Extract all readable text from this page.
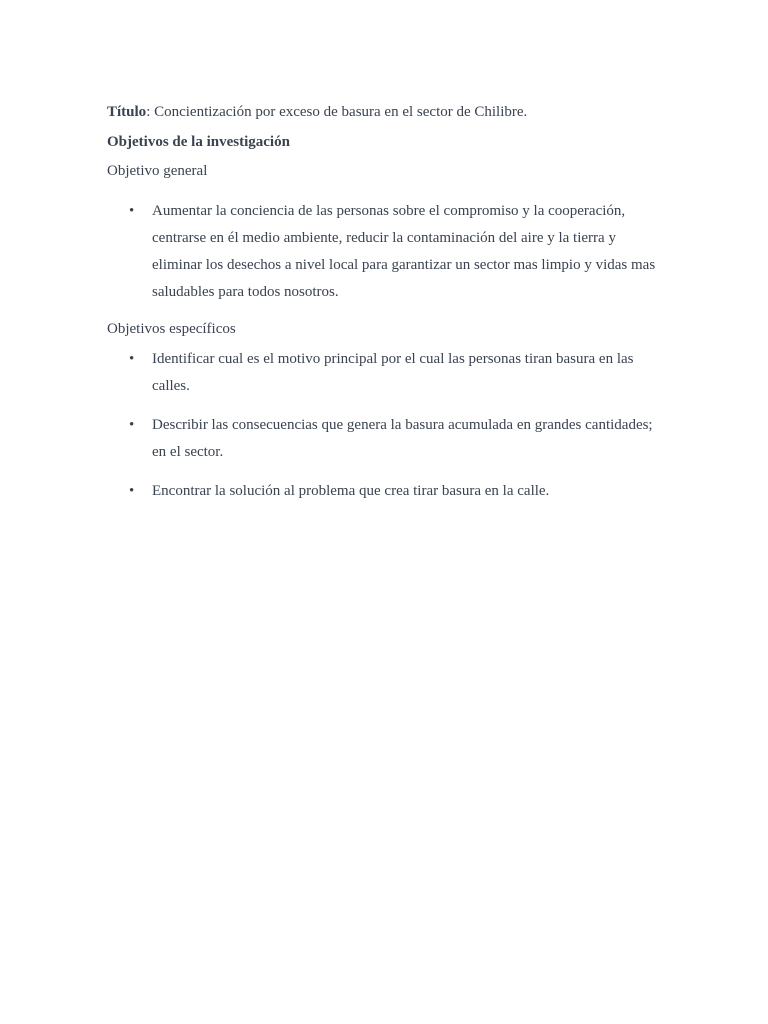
Título: Concientización por exceso de basura en el sector de Chilibre.
Objetivos de la investigación
Objetivo general
• Aumentar la conciencia de las personas sobre el compromiso y la cooperación, centrarse en él medio ambiente, reducir la contaminación del aire y la tierra y eliminar los desechos a nivel local para garantizar un sector mas limpio y vidas mas saludables para todos nosotros.
Objetivos específicos
• Identificar cual es el motivo principal por el cual las personas tiran basura en las calles.
• Describir las consecuencias que genera la basura acumulada en grandes cantidades; en el sector.
• Encontrar la solución al problema que crea tirar basura en la calle.
